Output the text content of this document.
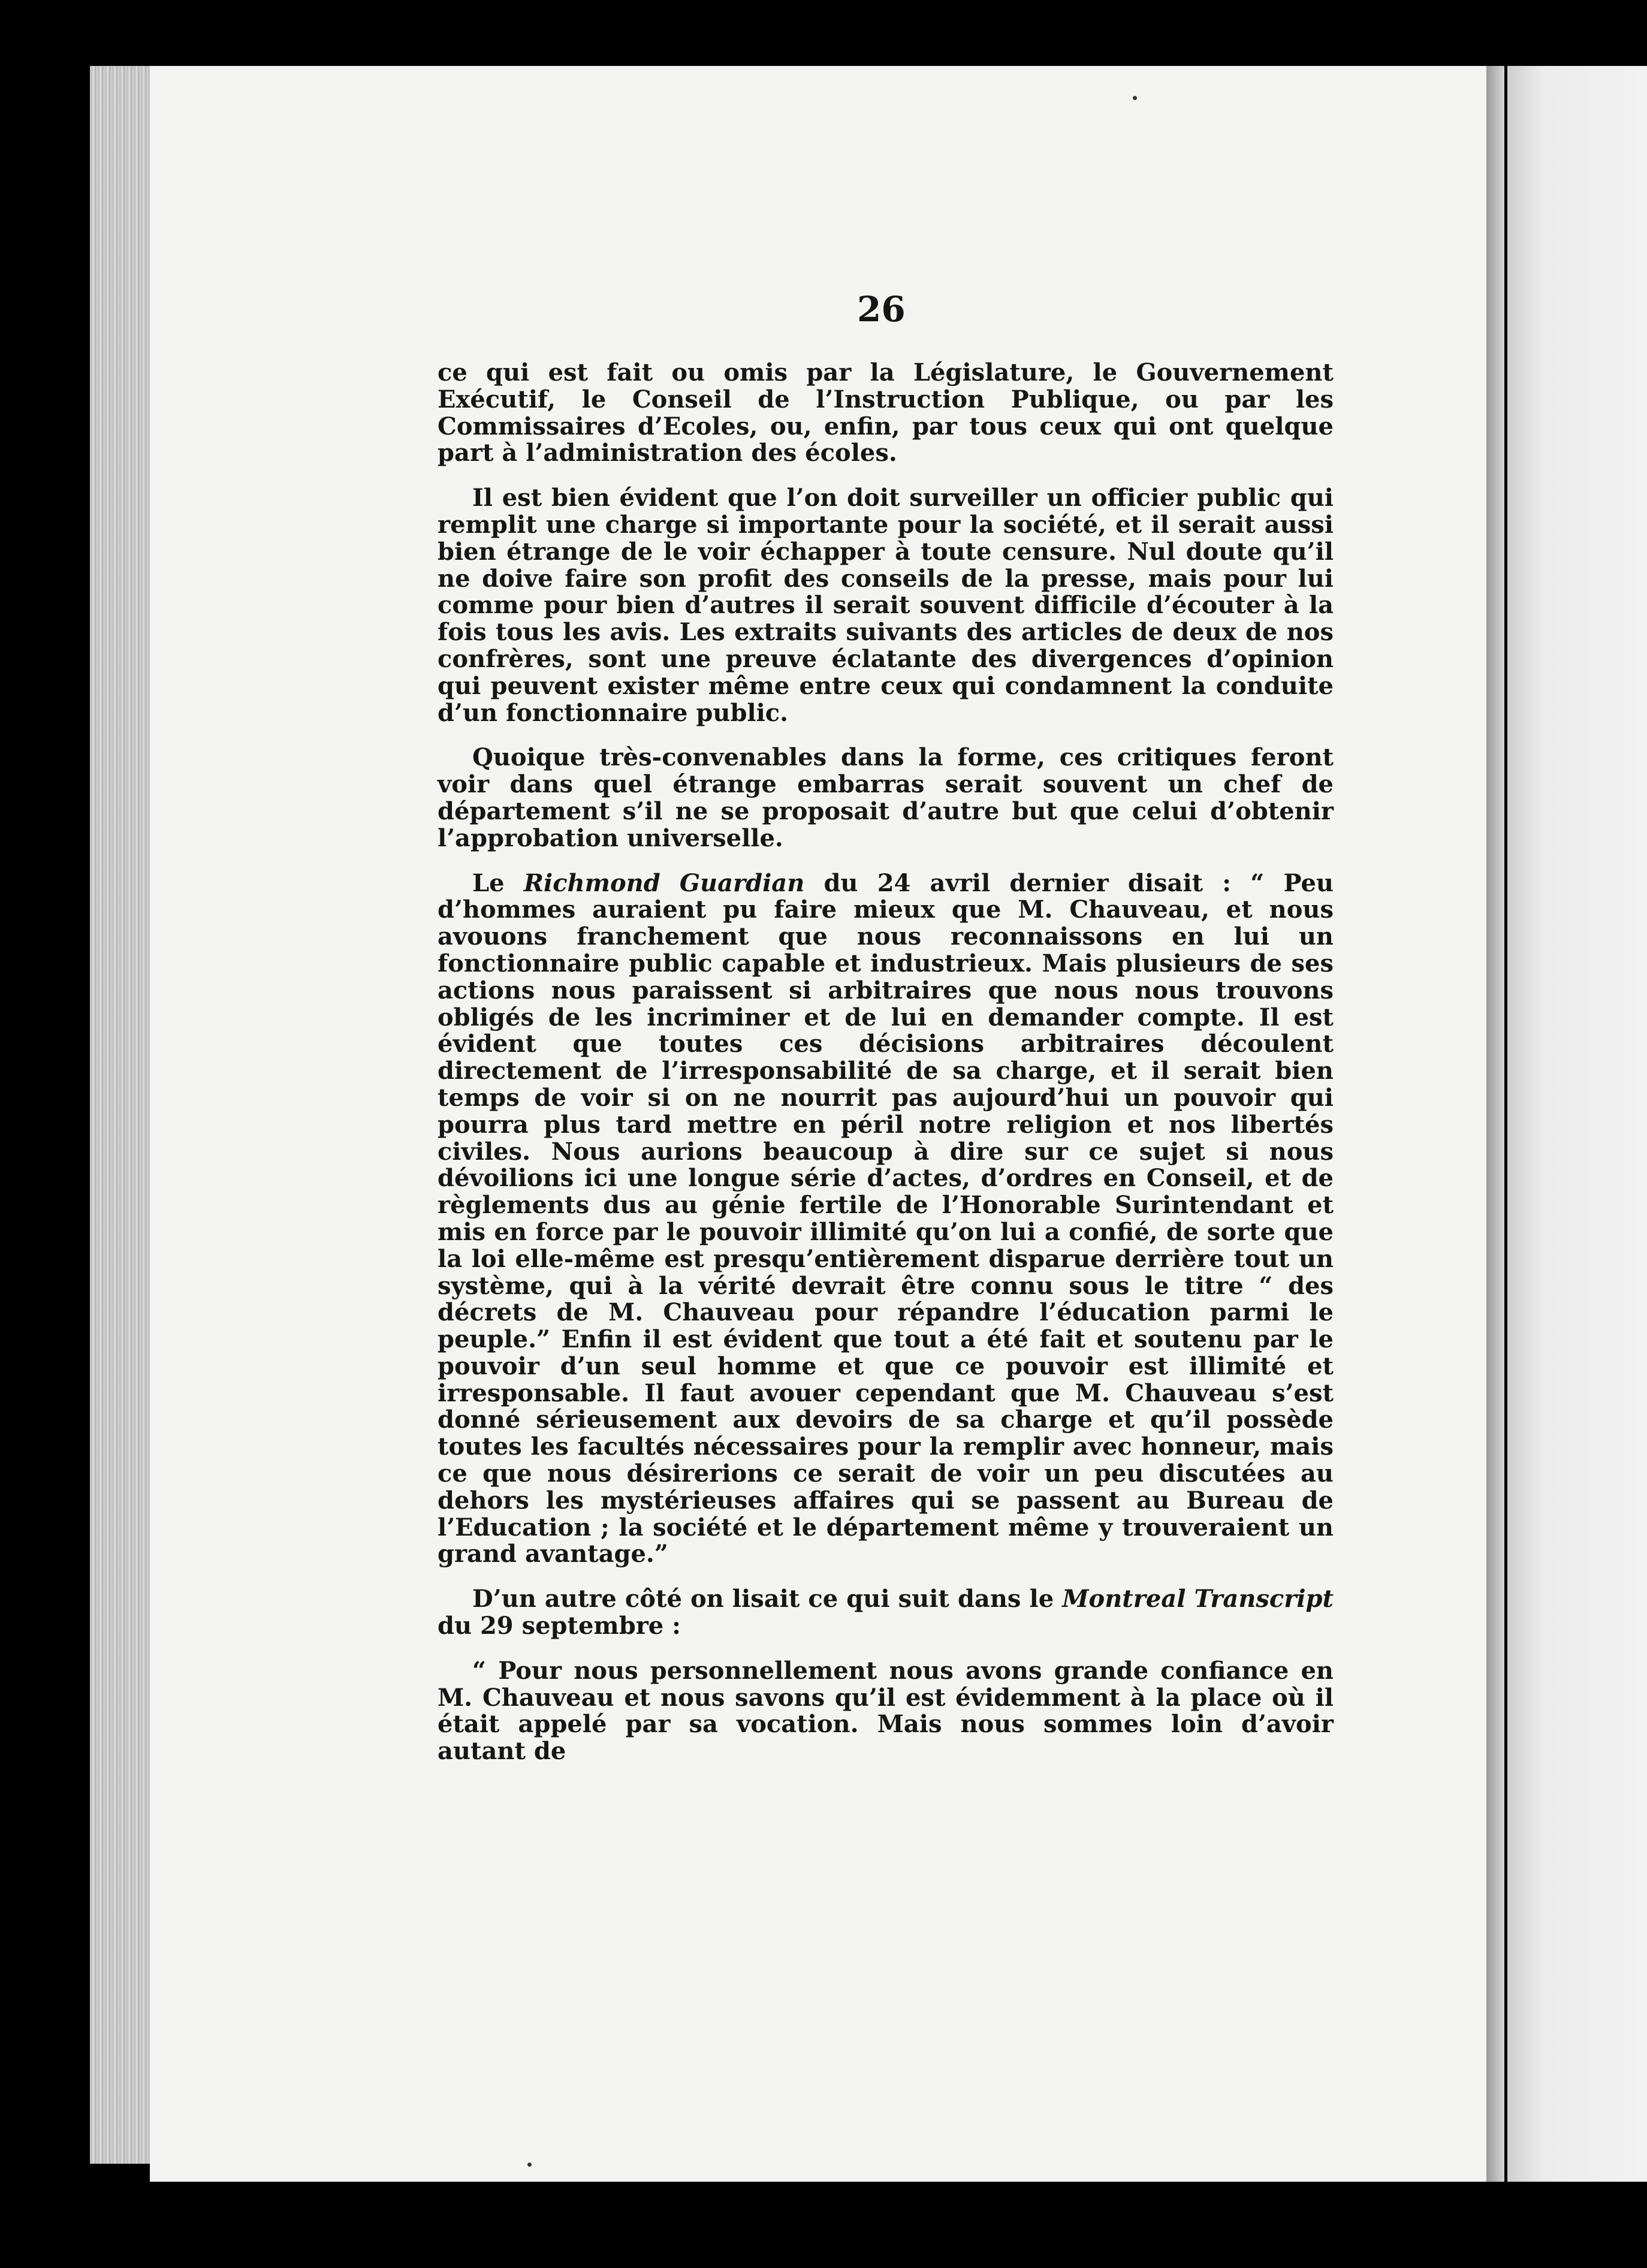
26

ce qui est fait ou omis par la Législature, le Gouvernement Exécutif, le Conseil de l’Instruction Publique, ou par les Commissaires d’Ecoles, ou, enfin, par tous ceux qui ont quelque part à l’administration des écoles.

Il est bien évident que l’on doit surveiller un officier public qui remplit une charge si importante pour la société, et il serait aussi bien étrange de le voir échapper à toute censure. Nul doute qu’il ne doive faire son profit des conseils de la presse, mais pour lui comme pour bien d’autres il serait souvent difficile d’écouter à la fois tous les avis. Les extraits suivants des articles de deux de nos confrères, sont une preuve éclatante des divergences d’opinion qui peuvent exister même entre ceux qui condamnent la conduite d’un fonctionnaire public.

Quoique très-convenables dans la forme, ces critiques feront voir dans quel étrange embarras serait souvent un chef de département s’il ne se proposait d’autre but que celui d’obtenir l’approbation universelle.

Le Richmond Guardian du 24 avril dernier disait : “ Peu d’hommes auraient pu faire mieux que M. Chauveau, et nous avouons franchement que nous reconnaissons en lui un fonctionnaire public capable et industrieux. Mais plusieurs de ses actions nous paraissent si arbitraires que nous nous trouvons obligés de les incriminer et de lui en demander compte. Il est évident que toutes ces décisions arbitraires découlent directement de l’irresponsabilité de sa charge, et il serait bien temps de voir si on ne nourrit pas aujourd’hui un pouvoir qui pourra plus tard mettre en péril notre religion et nos libertés civiles. Nous aurions beaucoup à dire sur ce sujet si nous dévoilions ici une longue série d’actes, d’ordres en Conseil, et de règlements dus au génie fertile de l’Honorable Surintendant et mis en force par le pouvoir illimité qu’on lui a confié, de sorte que la loi elle-même est presqu’entièrement disparue derrière tout un système, qui à la vérité devrait être connu sous le titre “ des décrets de M. Chauveau pour répandre l’éducation parmi le peuple.” Enfin il est évident que tout a été fait et soutenu par le pouvoir d’un seul homme et que ce pouvoir est illimité et irresponsable. Il faut avouer cependant que M. Chauveau s’est donné sérieusement aux devoirs de sa charge et qu’il possède toutes les facultés nécessaires pour la remplir avec honneur, mais ce que nous désirerions ce serait de voir un peu discutées au dehors les mystérieuses affaires qui se passent au Bureau de l’Education ; la société et le département même y trouveraient un grand avantage.”

D’un autre côté on lisait ce qui suit dans le Montreal Transcript du 29 septembre :

“ Pour nous personnellement nous avons grande confiance en M. Chauveau et nous savons qu’il est évidemment à la place où il était appelé par sa vocation. Mais nous sommes loin d’avoir autant de
